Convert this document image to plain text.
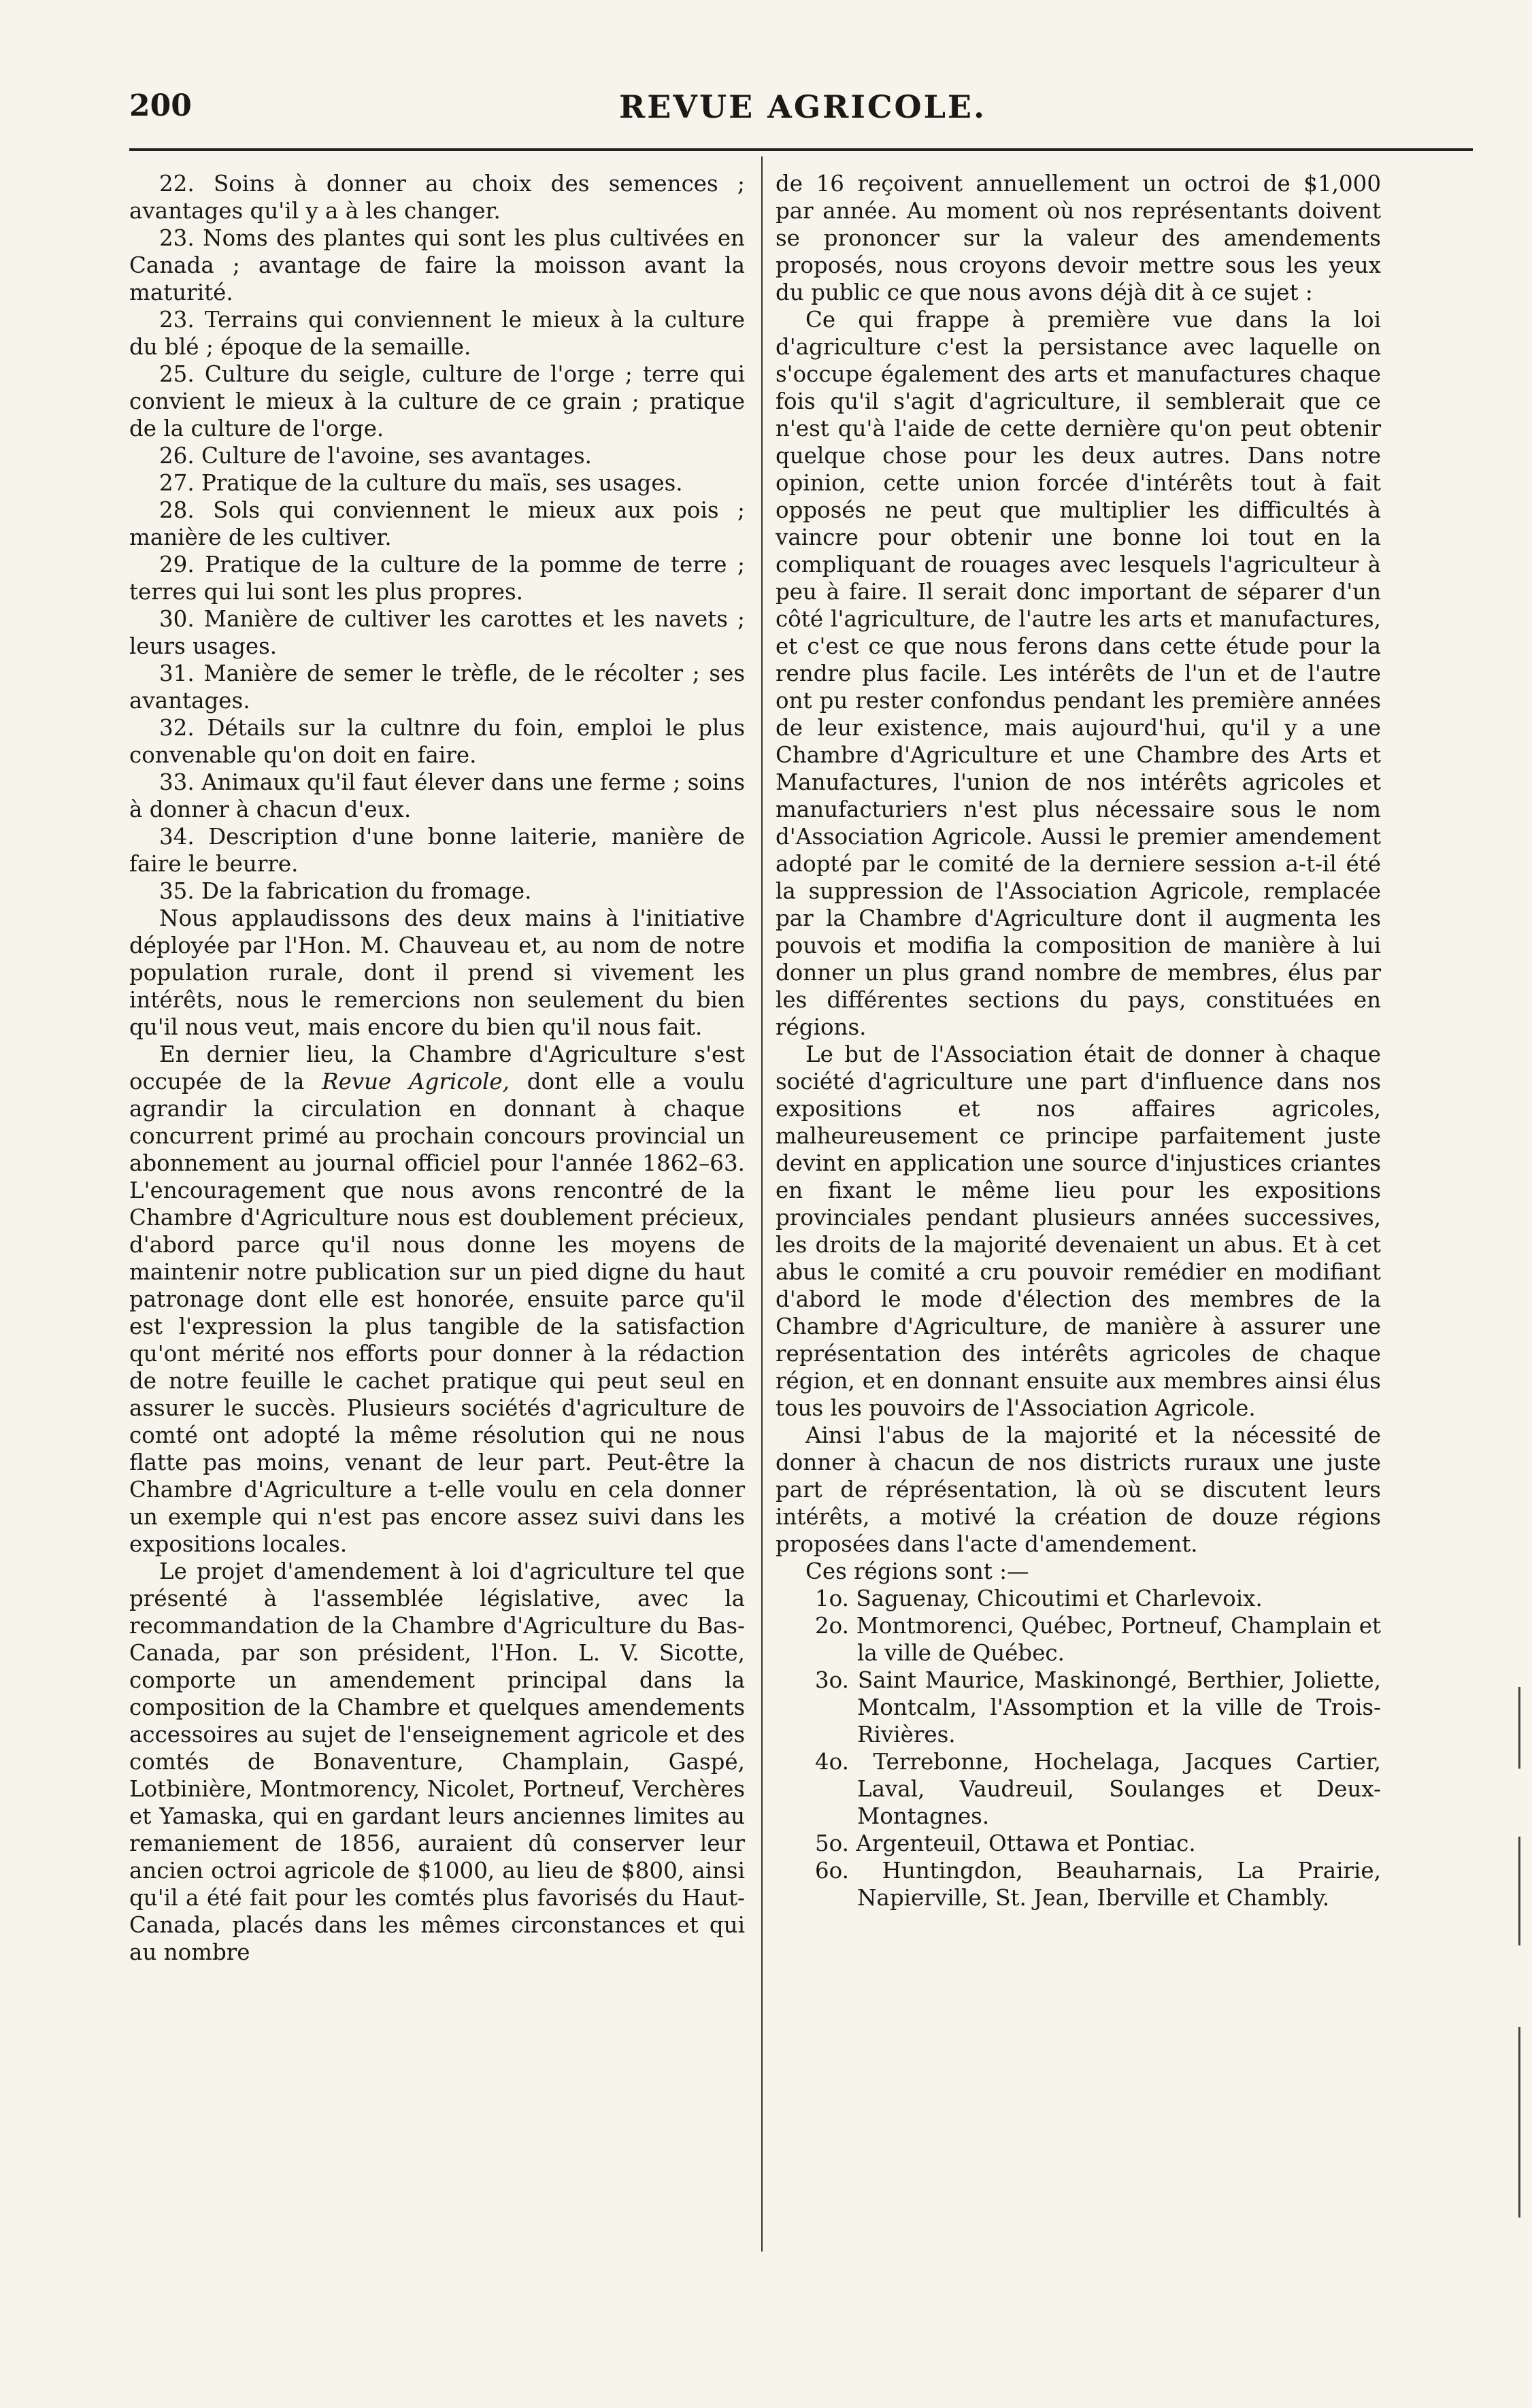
200	REVUE AGRICOLE.

22. Soins à donner au choix des semences ; avantages qu'il y a à les changer.

23. Noms des plantes qui sont les plus cultivées en Canada ; avantage de faire la moisson avant la maturité.

23. Terrains qui conviennent le mieux à la culture du blé ; époque de la semaille.

25. Culture du seigle, culture de l'orge ; terre qui convient le mieux à la culture de ce grain ; pratique de la culture de l'orge.

26. Culture de l'avoine, ses avantages.

27. Pratique de la culture du maïs, ses usages.

28. Sols qui conviennent le mieux aux pois ; manière de les cultiver.

29. Pratique de la culture de la pomme de terre ; terres qui lui sont les plus propres.

30. Manière de cultiver les carottes et les navets ; leurs usages.

31. Manière de semer le trèfle, de le récolter ; ses avantages.

32. Détails sur la cultnre du foin, emploi le plus convenable qu'on doit en faire.

33. Animaux qu'il faut élever dans une ferme ; soins à donner à chacun d'eux.

34. Description d'une bonne laiterie, manière de faire le beurre.

35. De la fabrication du fromage.

Nous applaudissons des deux mains à l'initiative déployée par l'Hon. M. Chauveau et, au nom de notre population rurale, dont il prend si vivement les intérêts, nous le remercions non seulement du bien qu'il nous veut, mais encore du bien qu'il nous fait.

En dernier lieu, la Chambre d'Agriculture s'est occupée de la Revue Agricole, dont elle a voulu agrandir la circulation en donnant à chaque concurrent primé au prochain concours provincial un abonnement au journal officiel pour l'année 1862–63. L'encouragement que nous avons rencontré de la Chambre d'Agriculture nous est doublement précieux, d'abord parce qu'il nous donne les moyens de maintenir notre publication sur un pied digne du haut patronage dont elle est honorée, ensuite parce qu'il est l'expression la plus tangible de la satisfaction qu'ont mérité nos efforts pour donner à la rédaction de notre feuille le cachet pratique qui peut seul en assurer le succès. Plusieurs sociétés d'agriculture de comté ont adopté la même résolution qui ne nous flatte pas moins, venant de leur part. Peut-être la Chambre d'Agriculture a t-elle voulu en cela donner un exemple qui n'est pas encore assez suivi dans les expositions locales.

Le projet d'amendement à loi d'agriculture tel que présenté à l'assemblée législative, avec la recommandation de la Chambre d'Agriculture du Bas-Canada, par son président, l'Hon. L. V. Sicotte, comporte un amendement principal dans la composition de la Chambre et quelques amendements accessoires au sujet de l'enseignement agricole et des comtés de Bonaventure, Champlain, Gaspé, Lotbinière, Montmorency, Nicolet, Portneuf, Verchères et Yamaska, qui en gardant leurs anciennes limites au remaniement de 1856, auraient dû conserver leur ancien octroi agricole de $1000, au lieu de $800, ainsi qu'il a été fait pour les comtés plus favorisés du Haut-Canada, placés dans les mêmes circonstances et qui au nombre

de 16 reçoivent annuellement un octroi de $1,000 par année. Au moment où nos représentants doivent se prononcer sur la valeur des amendements proposés, nous croyons devoir mettre sous les yeux du public ce que nous avons déjà dit à ce sujet :

Ce qui frappe à première vue dans la loi d'agriculture c'est la persistance avec laquelle on s'occupe également des arts et manufactures chaque fois qu'il s'agit d'agriculture, il semblerait que ce n'est qu'à l'aide de cette dernière qu'on peut obtenir quelque chose pour les deux autres. Dans notre opinion, cette union forcée d'intérêts tout à fait opposés ne peut que multiplier les difficultés à vaincre pour obtenir une bonne loi tout en la compliquant de rouages avec lesquels l'agriculteur à peu à faire. Il serait donc important de séparer d'un côté l'agriculture, de l'autre les arts et manufactures, et c'est ce que nous ferons dans cette étude pour la rendre plus facile. Les intérêts de l'un et de l'autre ont pu rester confondus pendant les première années de leur existence, mais aujourd'hui, qu'il y a une Chambre d'Agriculture et une Chambre des Arts et Manufactures, l'union de nos intérêts agricoles et manufacturiers n'est plus nécessaire sous le nom d'Association Agricole. Aussi le premier amendement adopté par le comité de la derniere session a-t-il été la suppression de l'Association Agricole, remplacée par la Chambre d'Agriculture dont il augmenta les pouvois et modifia la composition de manière à lui donner un plus grand nombre de membres, élus par les différentes sections du pays, constituées en régions.

Le but de l'Association était de donner à chaque société d'agriculture une part d'influence dans nos expositions et nos affaires agricoles, malheureusement ce principe parfaitement juste devint en application une source d'injustices criantes en fixant le même lieu pour les expositions provinciales pendant plusieurs années successives, les droits de la majorité devenaient un abus. Et à cet abus le comité a cru pouvoir remédier en modifiant d'abord le mode d'élection des membres de la Chambre d'Agriculture, de manière à assurer une représentation des intérêts agricoles de chaque région, et en donnant ensuite aux membres ainsi élus tous les pouvoirs de l'Association Agricole.

Ainsi l'abus de la majorité et la nécessité de donner à chacun de nos districts ruraux une juste part de réprésentation, là où se discutent leurs intérêts, a motivé la création de douze régions proposées dans l'acte d'amendement.

Ces régions sont :—

1o. Saguenay, Chicoutimi et Charlevoix.

2o. Montmorenci, Québec, Portneuf, Champlain et la ville de Québec.

3o. Saint Maurice, Maskinongé, Berthier, Joliette, Montcalm, l'Assomption et la ville de Trois-Rivières.

4o. Terrebonne, Hochelaga, Jacques Cartier, Laval, Vaudreuil, Soulanges et Deux-Montagnes.

5o. Argenteuil, Ottawa et Pontiac.

6o. Huntingdon, Beauharnais, La Prairie, Napierville, St. Jean, Iberville et Chambly.
